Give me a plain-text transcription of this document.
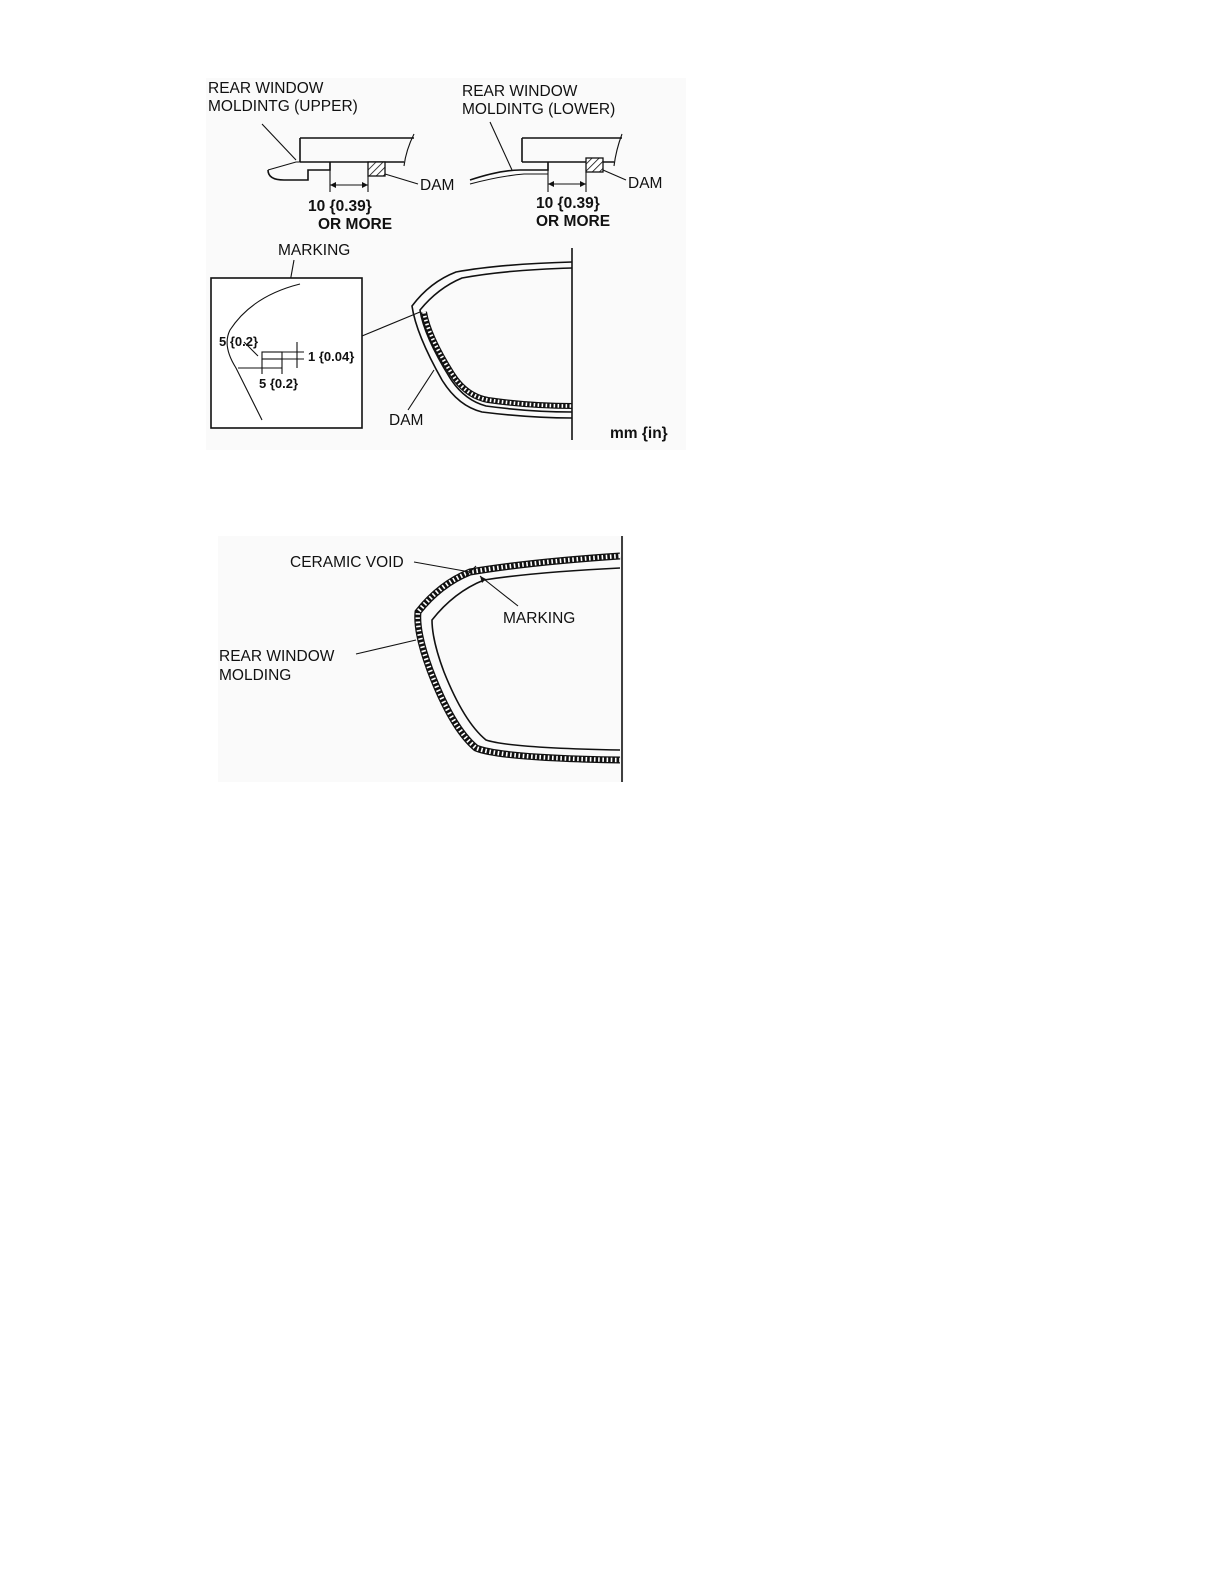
REAR WINDOW
MOLDINTG (UPPER)
DAM
10 {0.39}
OR MORE
REAR WINDOW
MOLDINTG (LOWER)
DAM
10 {0.39}
OR MORE
MARKING
1 {0.04}
5 {0.2}
5 {0.2}
DAM
mm {in}
CERAMIC VOID
MARKING
REAR WINDOW
MOLDING
